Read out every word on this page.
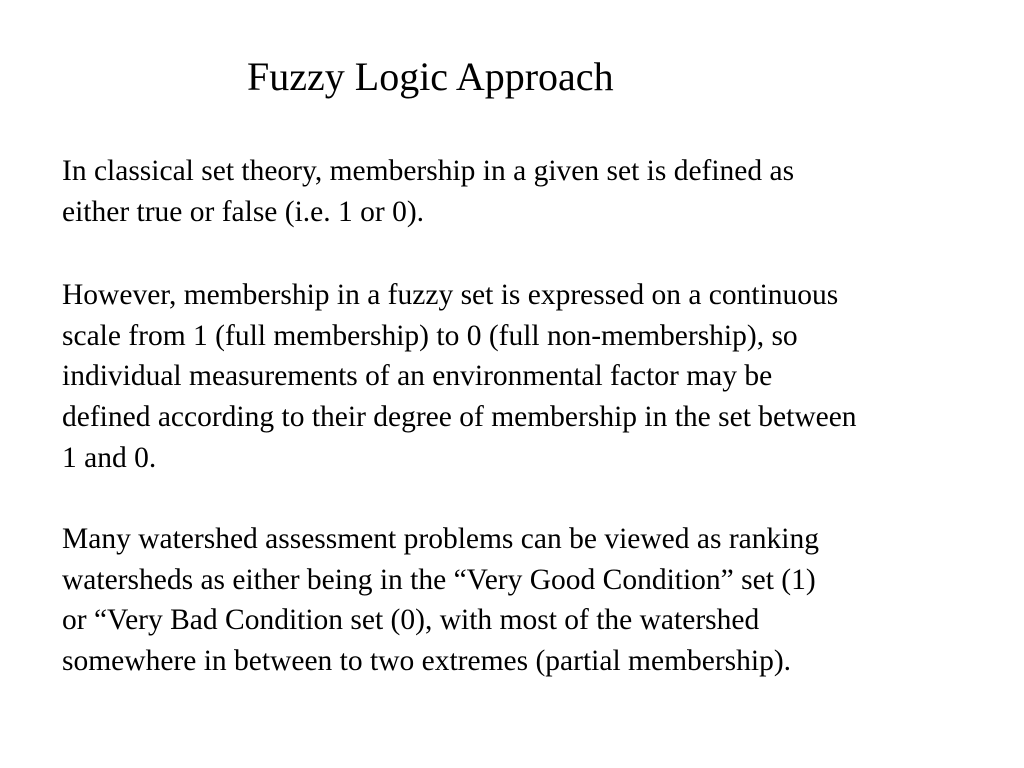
Fuzzy Logic Approach
In classical set theory, membership in a given set is defined as
either true or false (i.e. 1 or 0).
However, membership in a fuzzy set is expressed on a continuous
scale from 1 (full membership) to 0 (full non-membership), so
individual measurements of an environmental factor may be
defined according to their degree of membership in the set between
1 and 0.
Many watershed assessment problems can be viewed as ranking
watersheds as either being in the “Very Good Condition” set (1)
or “Very Bad Condition set (0), with most of the watershed
somewhere in between to two extremes (partial membership).
